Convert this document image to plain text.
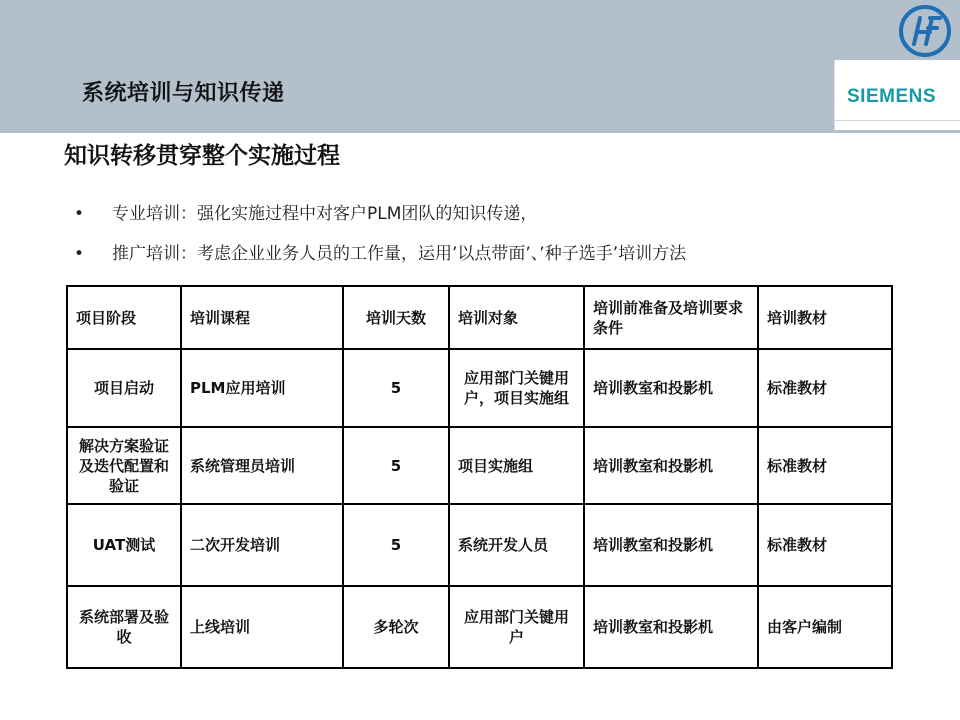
系统培训与知识传递	SIEMENS
知识转移贯穿整个实施过程
• 专业培训：强化实施过程中对客户PLM团队的知识传递，
• 推广培训：考虑企业业务人员的工作量，运用’以点带面’、’种子选手’培训方法
项目阶段	培训课程	培训天数	培训对象	培训前准备及培训要求条件	培训教材
项目启动	PLM应用培训	5	应用部门关键用户，项目实施组	培训教室和投影机	标准教材
解决方案验证及迭代配置和验证	系统管理员培训	5	项目实施组	培训教室和投影机	标准教材
UAT测试	二次开发培训	5	系统开发人员	培训教室和投影机	标准教材
系统部署及验收	上线培训	多轮次	应用部门关键用户	培训教室和投影机	由客户编制
